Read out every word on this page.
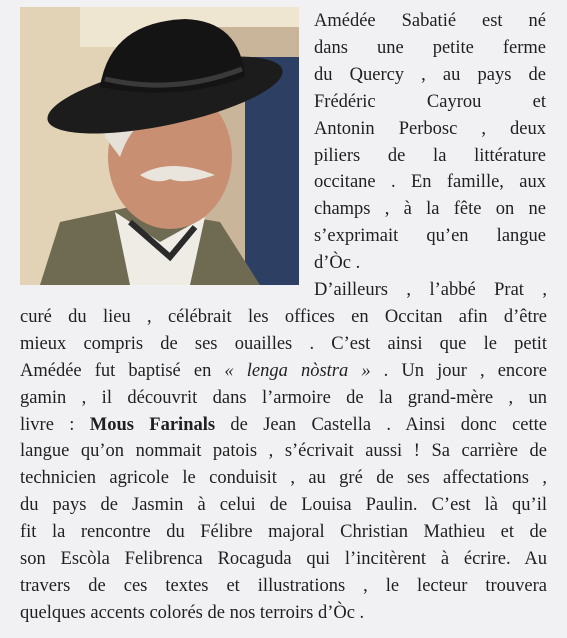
Amédée Sabatié est né
dans une petite ferme
du Quercy , au pays de
Frédéric Cayrou et
Antonin Perbosc , deux
piliers de la littérature
occitane . En famille, aux
champs , à la fête on ne
s’exprimait qu’en langue
d’Òc .
D’ailleurs , l’abbé Prat ,
curé du lieu , célébrait les offices en Occitan afin d’être
mieux compris de ses ouailles . C’est ainsi que le petit
Amédée fut baptisé en « lenga nòstra » . Un jour , encore
gamin , il découvrit dans l’armoire de la grand-mère , un
livre : Mous Farinals de Jean Castella . Ainsi donc cette
langue qu’on nommait patois , s’écrivait aussi ! Sa carrière de
technicien agricole le conduisit , au gré de ses affectations ,
du pays de Jasmin à celui de Louisa Paulin. C’est là qu’il
fit la rencontre du Félibre majoral Christian Mathieu et de
son Escòla Felibrenca Rocaguda qui l’incitèrent à écrire. Au
travers de ces textes et illustrations , le lecteur trouvera
quelques accents colorés de nos terroirs d’Òc .
